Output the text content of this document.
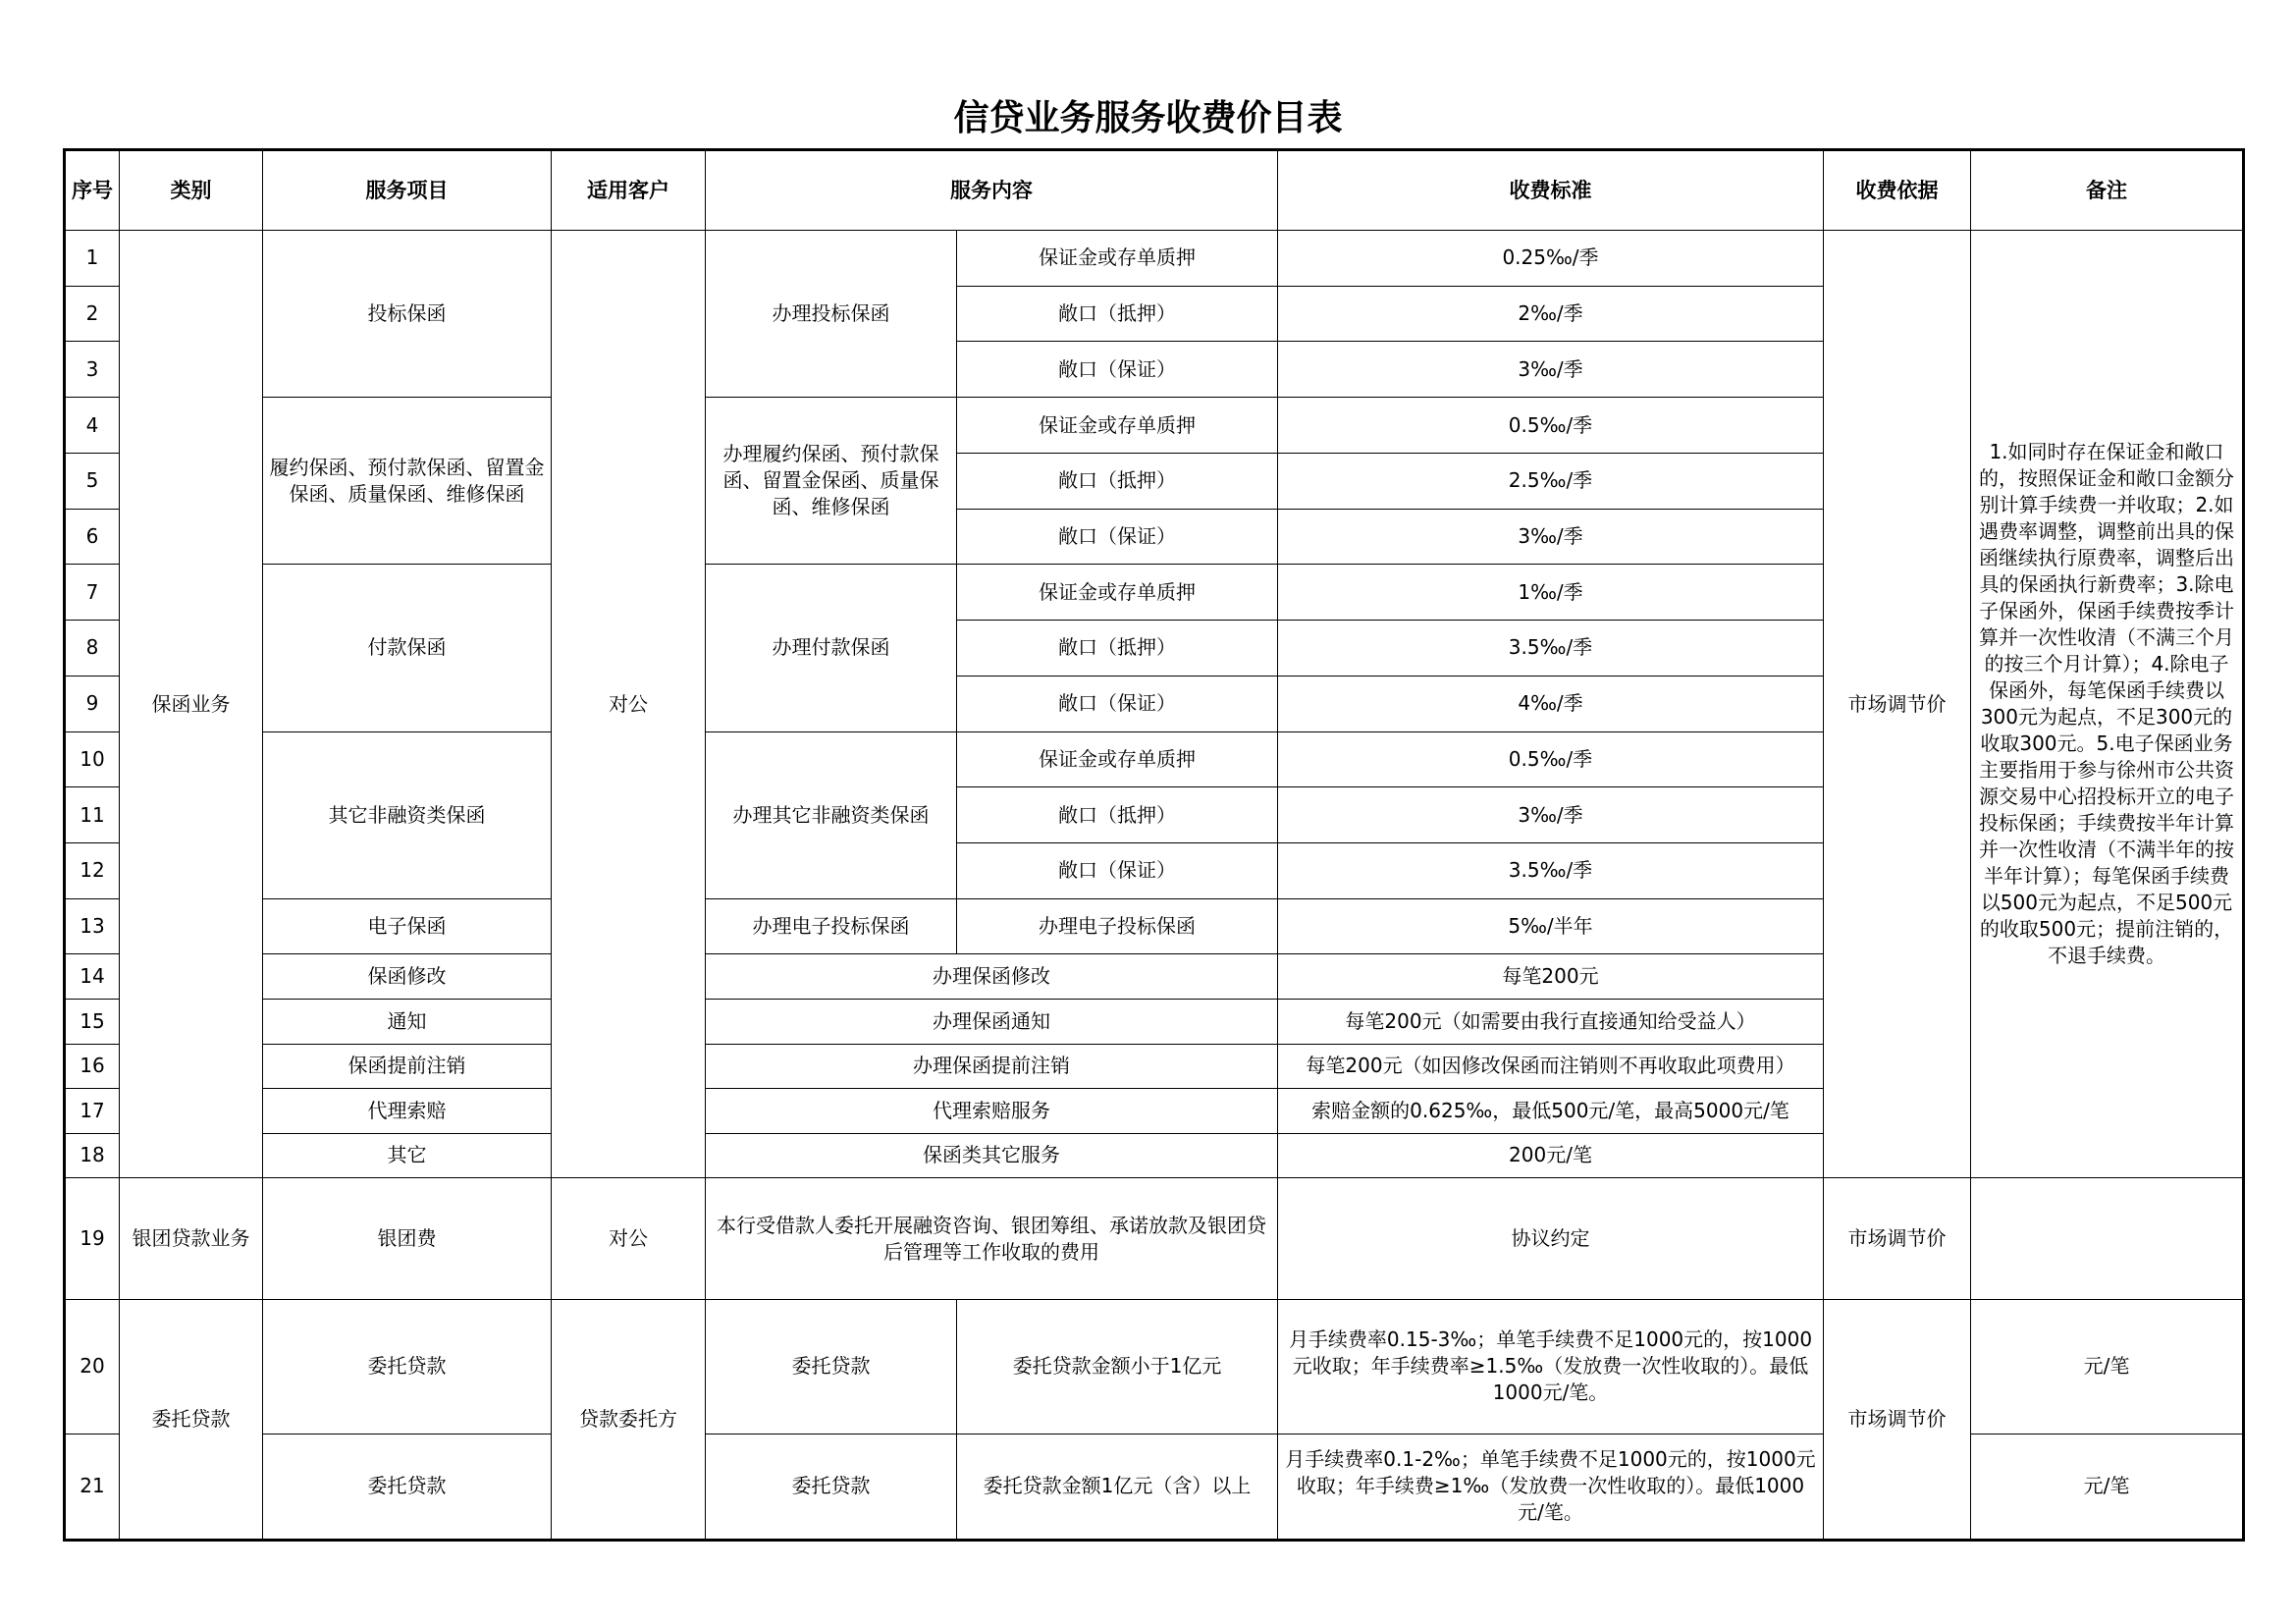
信贷业务服务收费价目表
序号	类别	服务项目	适用客户	服务内容		收费标准	收费依据	备注
1	保函业务	投标保函	对公	办理投标保函	保证金或存单质押	0.25‰/季	市场调节价	1.如同时存在保证金和敞口的，按照保证金和敞口金额分别计算手续费一并收取；2.如遇费率调整，调整前出具的保函继续执行原费率，调整后出具的保函执行新费率；3.除电子保函外，保函手续费按季计算并一次性收清（不满三个月的按三个月计算）；4.除电子保函外，每笔保函手续费以300元为起点，不足300元的收取300元。5.电子保函业务主要指用于参与徐州市公共资源交易中心招投标开立的电子投标保函；手续费按半年计算并一次性收清（不满半年的按半年计算）；每笔保函手续费以500元为起点，不足500元的收取500元；提前注销的，不退手续费。
2					敞口（抵押）	2‰/季		
3					敞口（保证）	3‰/季		
4		履约保函、预付款保函、留置金保函、质量保函、维修保函		办理履约保函、预付款保函、留置金保函、质量保函、维修保函	保证金或存单质押	0.5‰/季		
5					敞口（抵押）	2.5‰/季		
6					敞口（保证）	3‰/季		
7		付款保函		办理付款保函	保证金或存单质押	1‰/季		
8					敞口（抵押）	3.5‰/季		
9					敞口（保证）	4‰/季		
10		其它非融资类保函		办理其它非融资类保函	保证金或存单质押	0.5‰/季		
11					敞口（抵押）	3‰/季		
12					敞口（保证）	3.5‰/季		
13		电子保函		办理电子投标保函	办理电子投标保函	5‰/半年		
14		保函修改		办理保函修改		每笔200元		
15		通知		办理保函通知		每笔200元（如需要由我行直接通知给受益人）		
16		保函提前注销		办理保函提前注销		每笔200元（如因修改保函而注销则不再收取此项费用）		
17		代理索赔		代理索赔服务		索赔金额的0.625‰，最低500元/笔，最高5000元/笔		
18		其它		保函类其它服务		200元/笔		
19	银团贷款业务	银团费	对公	本行受借款人委托开展融资咨询、银团筹组、承诺放款及银团贷后管理等工作收取的费用		协议约定	市场调节价	
20	委托贷款	委托贷款	贷款委托方	委托贷款	委托贷款金额小于1亿元	月手续费率0.15-3‰；单笔手续费不足1000元的，按1000元收取；年手续费率≥1.5‰（发放费一次性收取的）。最低1000元/笔。	市场调节价	元/笔
21		委托贷款		委托贷款	委托贷款金额1亿元（含）以上	月手续费率0.1-2‰；单笔手续费不足1000元的，按1000元收取；年手续费≥1‰（发放费一次性收取的）。最低1000元/笔。		元/笔
